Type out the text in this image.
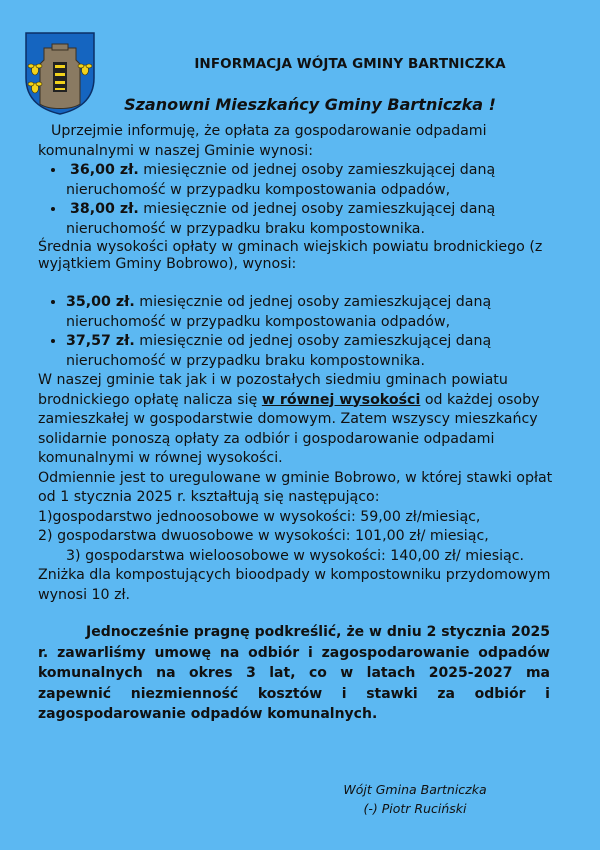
INFORMACJA WÓJTA GMINY BARTNICZKA
Szanowni Mieszkańcy Gminy Bartniczka !

Uprzejmie informuję, że opłata za gospodarowanie odpadami komunalnymi w naszej Gminie wynosi:

• 36,00 zł. miesięcznie od jednej osoby zamieszkującej daną nieruchomość w przypadku kompostowania odpadów,
• 38,00 zł. miesięcznie od jednej osoby zamieszkującej daną nieruchomość w przypadku braku kompostownika.

Średnia wysokości opłaty w gminach wiejskich powiatu brodnickiego (z wyjątkiem Gminy Bobrowo), wynosi:

• 35,00 zł. miesięcznie od jednej osoby zamieszkującej daną nieruchomość w przypadku kompostowania odpadów,
• 37,57 zł. miesięcznie od jednej osoby zamieszkującej daną nieruchomość w przypadku braku kompostownika.

W naszej gminie tak jak i w pozostałych siedmiu gminach powiatu brodnickiego opłatę nalicza się w równej wysokości od każdej osoby zamieszkałej w gospodarstwie domowym. Zatem wszyscy mieszkańcy solidarnie ponoszą opłaty za odbiór i gospodarowanie odpadami komunalnymi w równej wysokości.

Odmiennie jest to uregulowane w gminie Bobrowo, w której stawki opłat od 1 stycznia 2025 r. kształtują się następująco:

1)gospodarstwo jednoosobowe w wysokości: 59,00 zł/miesiąc,

2) gospodarstwa dwuosobowe w wysokości: 101,00 zł/ miesiąc,

3) gospodarstwa wieloosobowe w wysokości: 140,00 zł/ miesiąc.

Zniżka dla kompostujących bioodpady w kompostowniku przydomowym wynosi 10 zł.

Jednocześnie pragnę podkreślić, że w dniu 2 stycznia 2025 r. zawarliśmy umowę na odbiór i zagospodarowanie odpadów komunalnych na okres 3 lat, co w latach 2025-2027 ma zapewnić niezmienność kosztów i stawki za odbiór i zagospodarowanie odpadów komunalnych.

Wójt Gmina Bartniczka
(-) Piotr Ruciński
